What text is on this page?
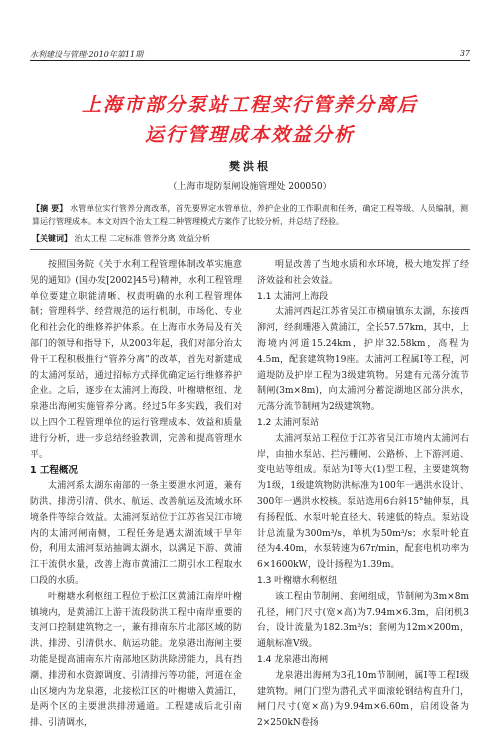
水利建设与管理·2010年第11期	37
上海市部分泵站工程实行管养分离后
运行管理成本效益分析
樊洪根
（上海市堤防泵闸设施管理处 200050）
【摘 要】 水管单位实行管养分离改革，首先要界定水管单位、养护企业的工作职责和任务，确定工程等级、人员编制，测算运行管理成本。本文对四个治太工程二种管理模式方案作了比较分析，并总结了经验。
【关键词】 治太工程 二定标准 管养分离 效益分析

按照国务院《关于水利工程管理体制改革实施意见的通知》(国办发[2002]45号)精神，水利工程管理单位要建立职能清晰、权责明确的水利工程管理体制；管理科学、经营规范的运行机制，市场化、专业化和社会化的维修养护体系。在上海市水务局及有关部门的领导和指导下，从2003年起，我们对部分治太骨干工程积极推行“管养分离”的改革，首先对新建成的太浦河泵站，通过招标方式择优确定运行维修养护企业。之后，逐步在太浦河上海段、叶榭塘枢纽、龙泉港出海闸实施管养分离。经过5年多实践，我们对以上四个工程管理单位的运行管理成本、效益和质量进行分析，进一步总结经验教训，完善和提高管理水平。

1 工程概况

太浦河系太湖东南部的一条主要泄水河道，兼有防洪、排涝引清、供水、航运、改善航运及流域水环境条件等综合效益。太浦河泵站位于江苏省吴江市境内的太浦河闸南侧，工程任务是遇太湖流域干旱年份，利用太浦河泵站抽调太湖水，以满足下游、黄浦江干流供水量，改善上海市黄浦江二期引水工程取水口段的水质。

叶榭塘水利枢纽工程位于松江区黄浦江南岸叶榭镇境内，是黄浦江上游干流段防洪工程中南岸重要的支河口控制建筑物之一，兼有排南东片北部区域的防洪、排涝、引清供水、航运功能。龙泉港出海闸主要功能是提高浦南东片南部地区防洪除涝能力，具有挡潮、排涝和水资源调度、引清排污等功能，河道在金山区境内为龙泉港，北接松江区的叶榭塘入黄浦江，是两个区的主要泄洪排涝通道。工程建成后北引南排、引清调水，

明显改善了当地水质和水环境，极大地发挥了经济效益和社会效益。

1.1 太浦河上海段

太浦河西起江苏省吴江市横扇镇东太湖，东接西泖河，经刹珊港入黄浦江，全长57.57km，其中，上海境内河道15.24km，护岸32.58km，高程为4.5m，配套建筑物19座。太浦河工程属Ⅰ等工程，河道堤防及护岸工程为3级建筑物。另建有元荡分流节制闸(3m×8m)，向太浦河分蓄淀湖地区部分洪水，元荡分流节制闸为2级建筑物。

1.2 太浦河泵站

太浦河泵站工程位于江苏省吴江市境内太浦河右岸，由抽水泵站、拦污栅闸、公路桥、上下游河道、变电站等组成。泵站为Ⅰ等大(1)型工程，主要建筑物为1级，1级建筑物防洪标准为100年一遇洪水设计、300年一遇洪水校核。泵站选用6台斜15°轴伸泵，具有扬程低、水泵叶轮直径大、转速低的特点。泵站设计总流量为300m³/s，单机为50m³/s；水泵叶轮直径为4.40m，水泵转速为67r/min，配套电机功率为6×1600kW，设计扬程为1.39m。

1.3 叶榭塘水利枢纽

该工程由节制闸、套闸组成，节制闸为3m×8m孔径，闸门尺寸(宽×高)为7.94m×6.3m，启闭机3台，设计流量为182.3m³/s；套闸为12m×200m，通航标准Ⅴ级。

1.4 龙泉港出海闸

龙泉港出海闸为3孔10m节制闸，属Ⅰ等工程Ⅰ级建筑物。闸门门型为潜孔式平面滚轮钢结构直升门，闸门尺寸(宽×高)为9.94m×6.60m，启闭设备为2×250kN卷扬
